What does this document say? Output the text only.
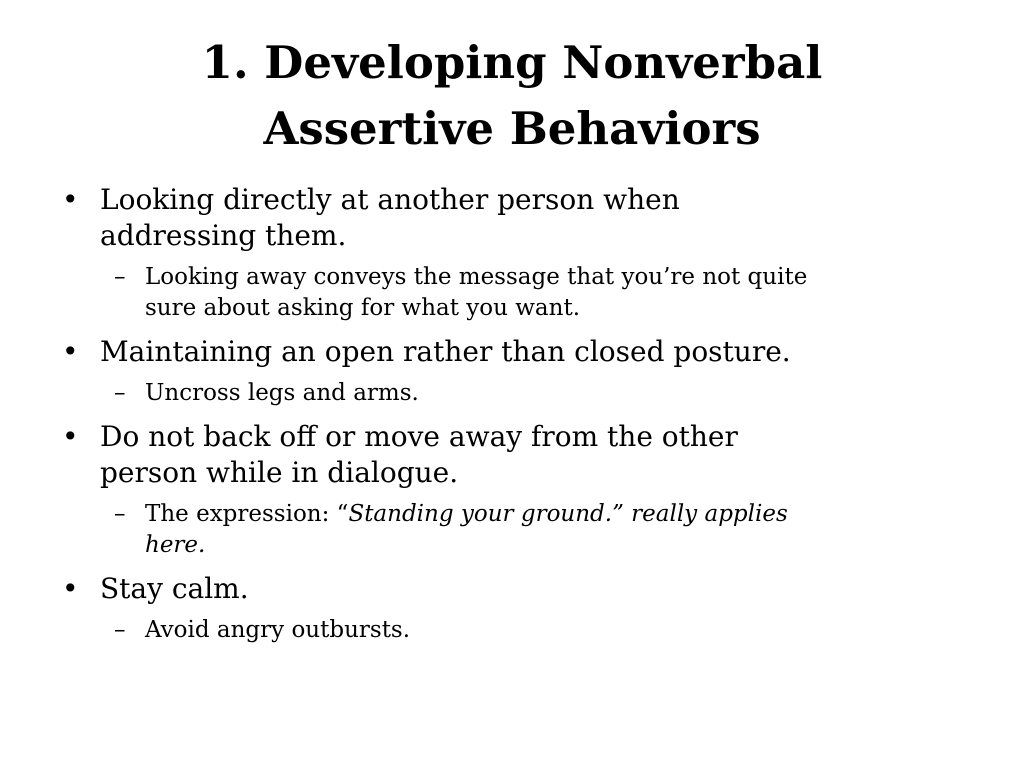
1. Developing Nonverbal
Assertive Behaviors
• Looking directly at another person when
addressing them.
– Looking away conveys the message that you’re not quite
sure about asking for what you want.
• Maintaining an open rather than closed posture.
– Uncross legs and arms.
• Do not back off or move away from the other
person while in dialogue.
– The expression: “Standing your ground.” really applies
here.
• Stay calm.
– Avoid angry outbursts.
